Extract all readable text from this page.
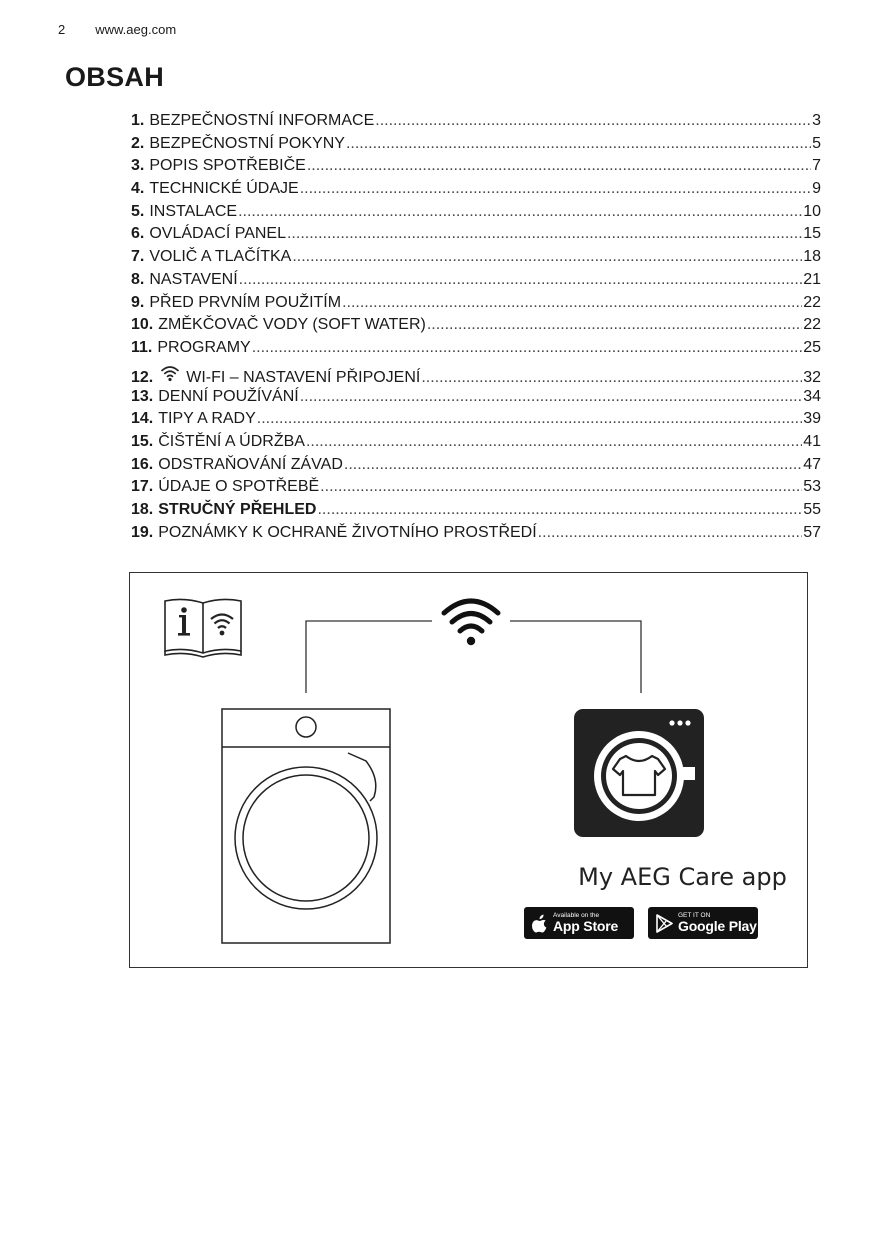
2 www.aeg.com
OBSAH
1. BEZPEČNOSTNÍ INFORMACE .....	3
2. BEZPEČNOSTNÍ POKYNY .....	5
3. POPIS SPOTŘEBIČE .....	7
4. TECHNICKÉ ÚDAJE .....	9
5. INSTALACE .....	10
6. OVLÁDACÍ PANEL .....	15
7. VOLIČ A TLAČÍTKA .....	18
8. NASTAVENÍ .....	21
9. PŘED PRVNÍM POUŽITÍM .....	22
10. ZMĚKČOVAČ VODY (SOFT WATER) .....	22
11. PROGRAMY .....	25
12. WI-FI – NASTAVENÍ PŘIPOJENÍ .....	32
13. DENNÍ POUŽÍVÁNÍ .....	34
14. TIPY A RADY .....	39
15. ČIŠTĚNÍ A ÚDRŽBA .....	41
16. ODSTRAŇOVÁNÍ ZÁVAD .....	47
17. ÚDAJE O SPOTŘEBĚ .....	53
18. STRUČNÝ PŘEHLED .....	55
19. POZNÁMKY K OCHRANĚ ŽIVOTNÍHO PROSTŘEDÍ .....	57
My AEG Care app
Available on the
App Store
GET IT ON
Google Play
